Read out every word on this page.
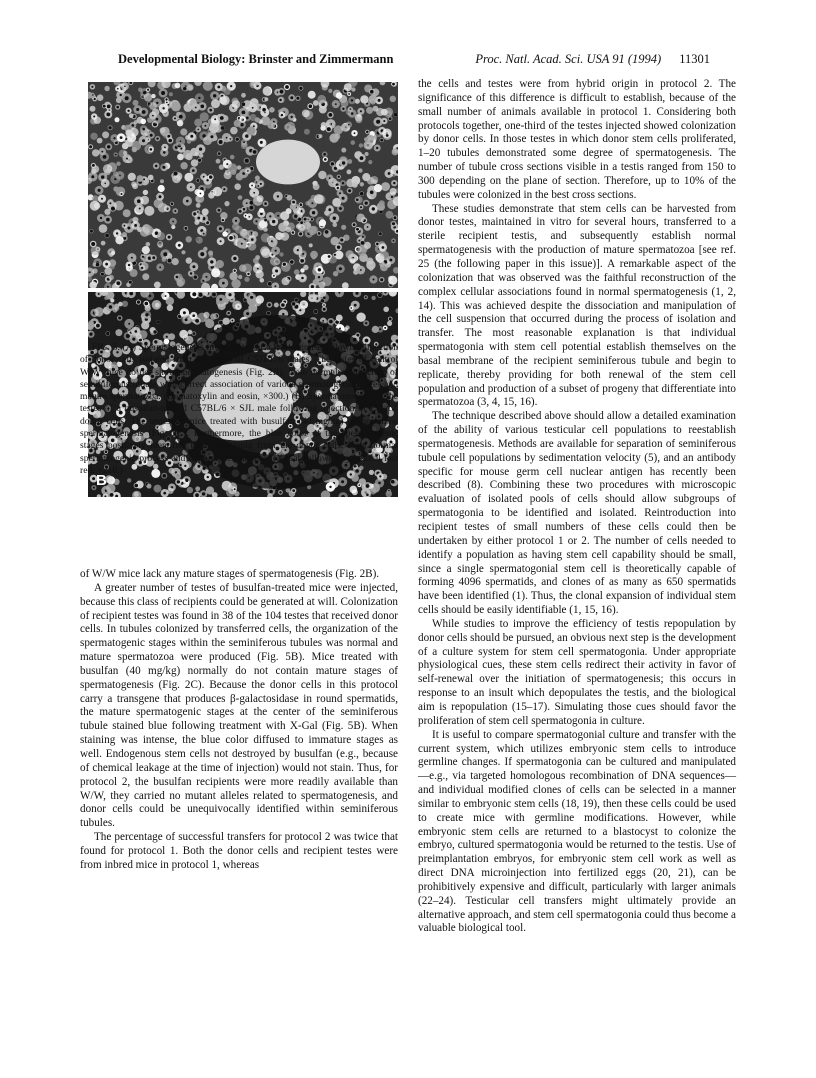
Developmental Biology: Brinster and Zimmermann	Proc. Natl. Acad. Sci. USA 91 (1994) 11301
B

FIG. 5. (A) Spermatogenesis in the testes of a W/W mouse following injection of donor cells isolated from the testes of C57BL/6 males. The testes of control W/W mice do not show spermatogenesis (Fig. 2B). Note normal architecture of seminiferous tubule with correct association of various spermatogenic stages and mature spermatozoa. (Hematoxylin and eosin, ×300.) (B) Spermatogenesis in the testes of a busulfan-treated C57BL/6 × SJL male following injection of ZFlacZ donor cells. The testes of mice treated with busulfan (40 mg/kg) do not show spermatogenesis (Fig. 2C). Furthermore, the blue color of the spermatogenic stages positively identifies them as arising from the donor cells. Note normal spermatogenic process and mature spermatozoa. (X-Gal followed by neutral fast red; ×210.)

of W/W mice lack any mature stages of spermatogenesis (Fig. 2B).

A greater number of testes of busulfan-treated mice were injected, because this class of recipients could be generated at will. Colonization of recipient testes was found in 38 of the 104 testes that received donor cells. In tubules colonized by transferred cells, the organization of the spermatogenic stages within the seminiferous tubules was normal and mature spermatozoa were produced (Fig. 5B). Mice treated with busulfan (40 mg/kg) normally do not contain mature stages of spermatogenesis (Fig. 2C). Because the donor cells in this protocol carry a transgene that produces β-galactosidase in round spermatids, the mature spermatogenic stages at the center of the seminiferous tubule stained blue following treatment with X-Gal (Fig. 5B). When staining was intense, the blue color diffused to immature stages as well. Endogenous stem cells not destroyed by busulfan (e.g., because of chemical leakage at the time of injection) would not stain. Thus, for protocol 2, the busulfan recipients were more readily available than W/W, they carried no mutant alleles related to spermatogenesis, and donor cells could be unequivocally identified within seminiferous tubules.

The percentage of successful transfers for protocol 2 was twice that found for protocol 1. Both the donor cells and recipient testes were from inbred mice in protocol 1, whereas

the cells and testes were from hybrid origin in protocol 2. The significance of this difference is difficult to establish, because of the small number of animals available in protocol 1. Considering both protocols together, one-third of the testes injected showed colonization by donor cells. In those testes in which donor stem cells proliferated, 1–20 tubules demonstrated some degree of spermatogenesis. The number of tubule cross sections visible in a testis ranged from 150 to 300 depending on the plane of section. Therefore, up to 10% of the tubules were colonized in the best cross sections.

These studies demonstrate that stem cells can be harvested from donor testes, maintained in vitro for several hours, transferred to a sterile recipient testis, and subsequently establish normal spermatogenesis with the production of mature spermatozoa [see ref. 25 (the following paper in this issue)]. A remarkable aspect of the colonization that was observed was the faithful reconstruction of the complex cellular associations found in normal spermatogenesis (1, 2, 14). This was achieved despite the dissociation and manipulation of the cell suspension that occurred during the process of isolation and transfer. The most reasonable explanation is that individual spermatogonia with stem cell potential establish themselves on the basal membrane of the recipient seminiferous tubule and begin to replicate, thereby providing for both renewal of the stem cell population and production of a subset of progeny that differentiate into spermatozoa (3, 4, 15, 16).

The technique described above should allow a detailed examination of the ability of various testicular cell populations to reestablish spermatogenesis. Methods are available for separation of seminiferous tubule cell populations by sedimentation velocity (5), and an antibody specific for mouse germ cell nuclear antigen has recently been described (8). Combining these two procedures with microscopic evaluation of isolated pools of cells should allow subgroups of spermatogonia to be identified and isolated. Reintroduction into recipient testes of small numbers of these cells could then be undertaken by either protocol 1 or 2. The number of cells needed to identify a population as having stem cell capability should be small, since a single spermatogonial stem cell is theoretically capable of forming 4096 spermatids, and clones of as many as 650 spermatids have been identified (1). Thus, the clonal expansion of individual stem cells should be easily identifiable (1, 15, 16).

While studies to improve the efficiency of testis repopulation by donor cells should be pursued, an obvious next step is the development of a culture system for stem cell spermatogonia. Under appropriate physiological cues, these stem cells redirect their activity in favor of self-renewal over the initiation of spermatogenesis; this occurs in response to an insult which depopulates the testis, and the biological aim is repopulation (15–17). Simulating those cues should favor the proliferation of stem cell spermatogonia in culture.

It is useful to compare spermatogonial culture and transfer with the current system, which utilizes embryonic stem cells to introduce germline changes. If spermatogonia can be cultured and manipulated—e.g., via targeted homologous recombination of DNA sequences—and individual modified clones of cells can be selected in a manner similar to embryonic stem cells (18, 19), then these cells could be used to create mice with germline modifications. However, while embryonic stem cells are returned to a blastocyst to colonize the embryo, cultured spermatogonia would be returned to the testis. Use of preimplantation embryos, for embryonic stem cell work as well as direct DNA microinjection into fertilized eggs (20, 21), can be prohibitively expensive and difficult, particularly with larger animals (22–24). Testicular cell transfers might ultimately provide an alternative approach, and stem cell spermatogonia could thus become a valuable biological tool.
